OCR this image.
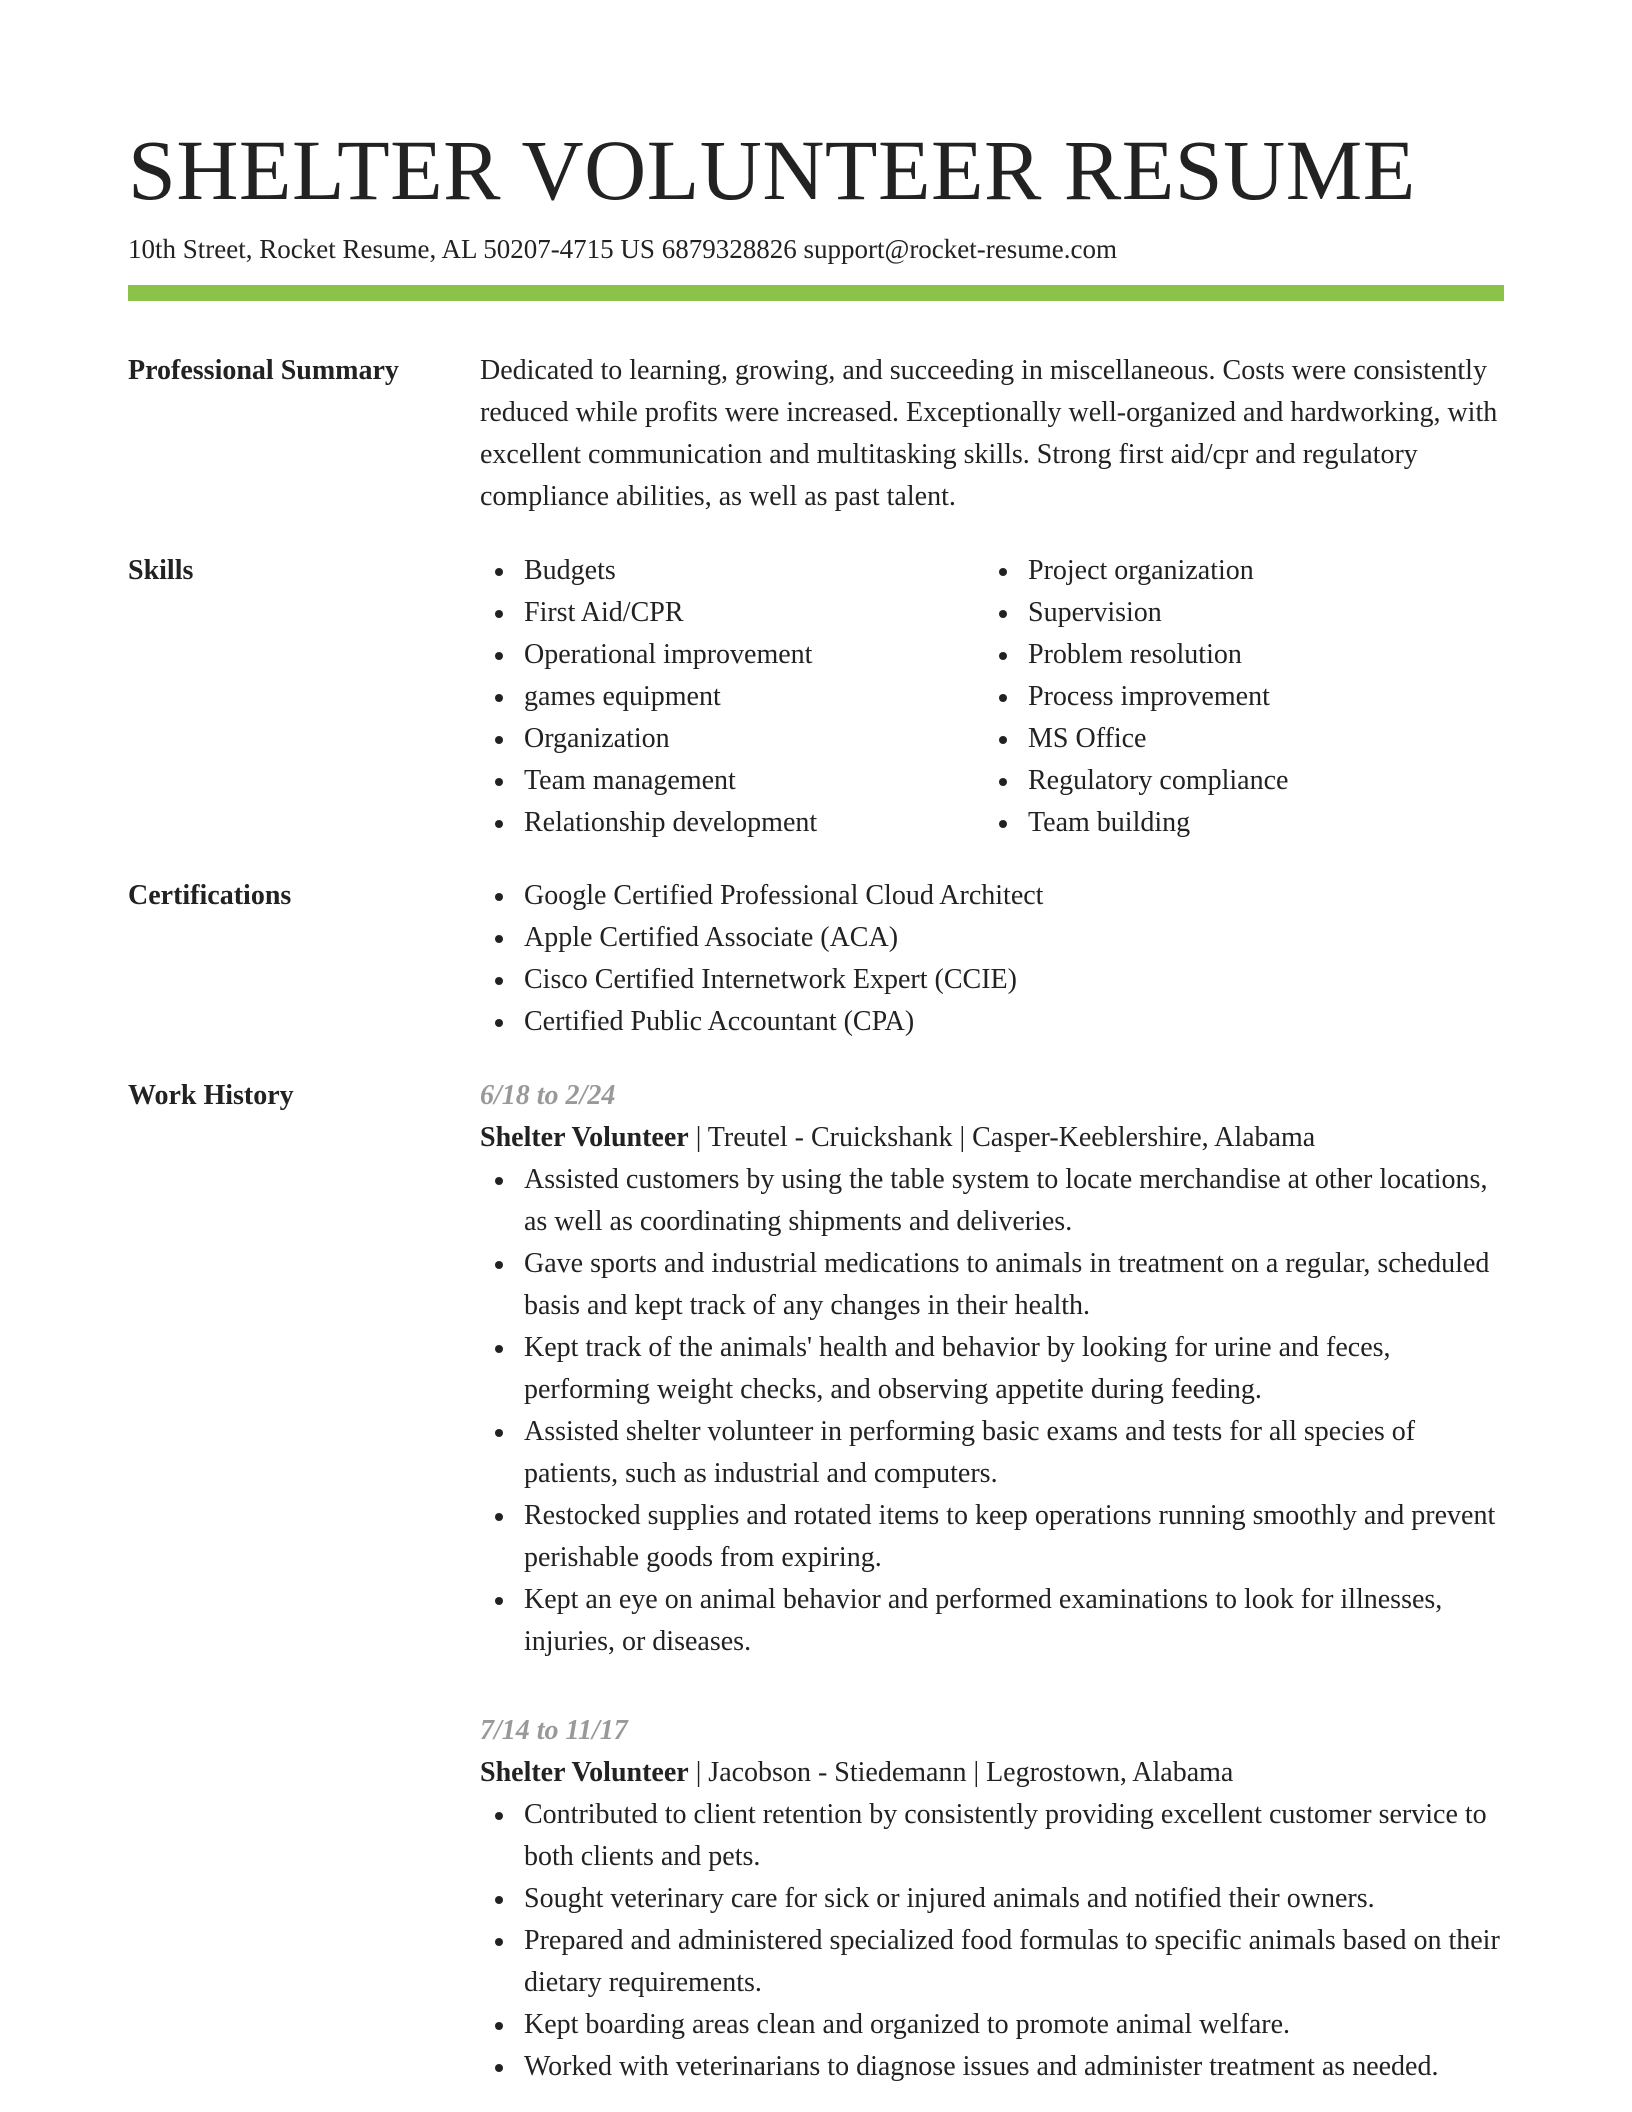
SHELTER VOLUNTEER RESUME
10th Street, Rocket Resume, AL 50207-4715 US 6879328826 support@rocket-resume.com
Professional Summary	Dedicated to learning, growing, and succeeding in miscellaneous. Costs were consistently reduced while profits were increased. Exceptionally well-organized and hardworking, with excellent communication and multitasking skills. Strong first aid/cpr and regulatory compliance abilities, as well as past talent.

Skills	Budgets
First Aid/CPR
Operational improvement
games equipment
Organization
Team management
Relationship development
Project organization
Supervision
Problem resolution
Process improvement
MS Office
Regulatory compliance
Team building
Certifications	Google Certified Professional Cloud Architect
Apple Certified Associate (ACA)
Cisco Certified Internetwork Expert (CCIE)
Certified Public Accountant (CPA)
Work History	6/18 to 2/24
Shelter Volunteer | Treutel - Cruickshank | Casper-Keeblershire, Alabama
Assisted customers by using the table system to locate merchandise at other locations, as well as coordinating shipments and deliveries.
Gave sports and industrial medications to animals in treatment on a regular, scheduled basis and kept track of any changes in their health.
Kept track of the animals' health and behavior by looking for urine and feces, performing weight checks, and observing appetite during feeding.
Assisted shelter volunteer in performing basic exams and tests for all species of patients, such as industrial and computers.
Restocked supplies and rotated items to keep operations running smoothly and prevent perishable goods from expiring.
Kept an eye on animal behavior and performed examinations to look for illnesses, injuries, or diseases.
7/14 to 11/17
Shelter Volunteer | Jacobson - Stiedemann | Legrostown, Alabama
Contributed to client retention by consistently providing excellent customer service to both clients and pets.
Sought veterinary care for sick or injured animals and notified their owners.
Prepared and administered specialized food formulas to specific animals based on their dietary requirements.
Kept boarding areas clean and organized to promote animal welfare.
Worked with veterinarians to diagnose issues and administer treatment as needed.
